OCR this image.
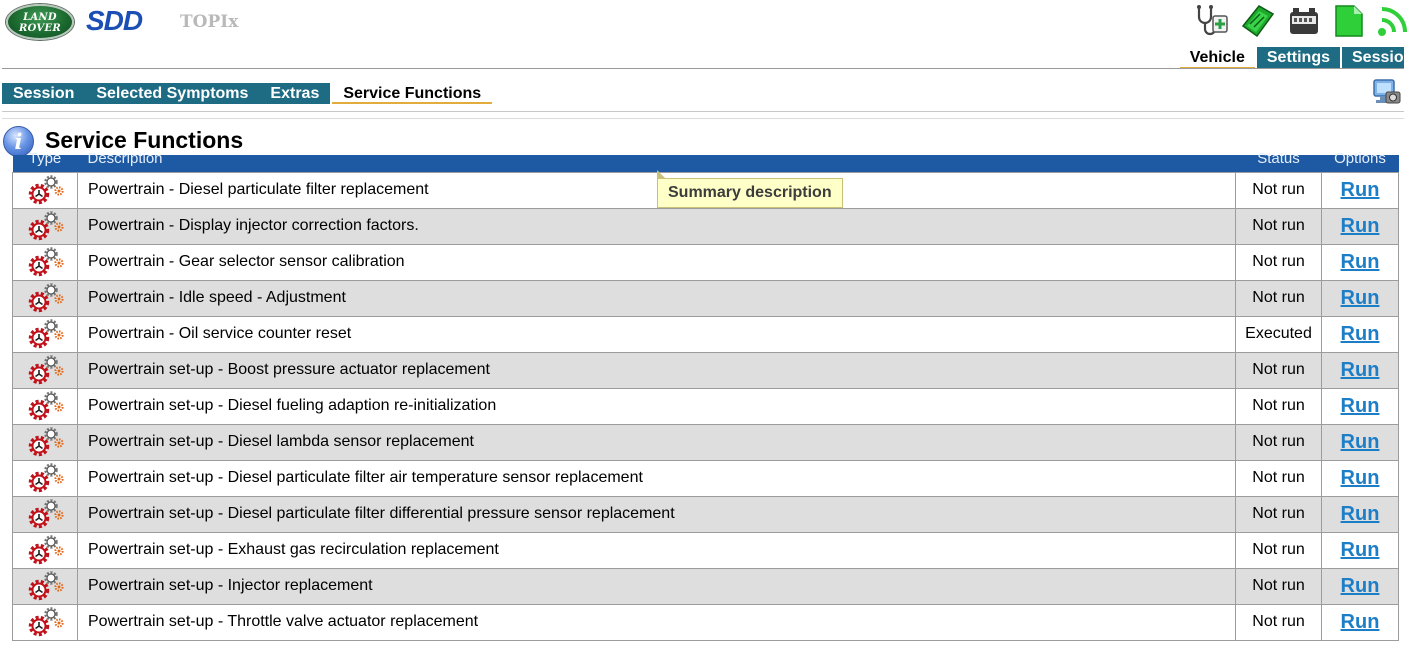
LAND
ROVER SDD TOPIx
Vehicle	Settings	Session
Session	Selected Symptoms	Extras	Service Functions
i Service Functions
Type	Description	Status	Options
	Powertrain - Diesel particulate filter replacement	Not run	Run
	Powertrain - Display injector correction factors.	Not run	Run
	Powertrain - Gear selector sensor calibration	Not run	Run
	Powertrain - Idle speed - Adjustment	Not run	Run
	Powertrain - Oil service counter reset	Executed	Run
	Powertrain set-up - Boost pressure actuator replacement	Not run	Run
	Powertrain set-up - Diesel fueling adaption re-initialization	Not run	Run
	Powertrain set-up - Diesel lambda sensor replacement	Not run	Run
	Powertrain set-up - Diesel particulate filter air temperature sensor replacement	Not run	Run
	Powertrain set-up - Diesel particulate filter differential pressure sensor replacement	Not run	Run
	Powertrain set-up - Exhaust gas recirculation replacement	Not run	Run
	Powertrain set-up - Injector replacement	Not run	Run
	Powertrain set-up - Throttle valve actuator replacement	Not run	Run
Summary description
